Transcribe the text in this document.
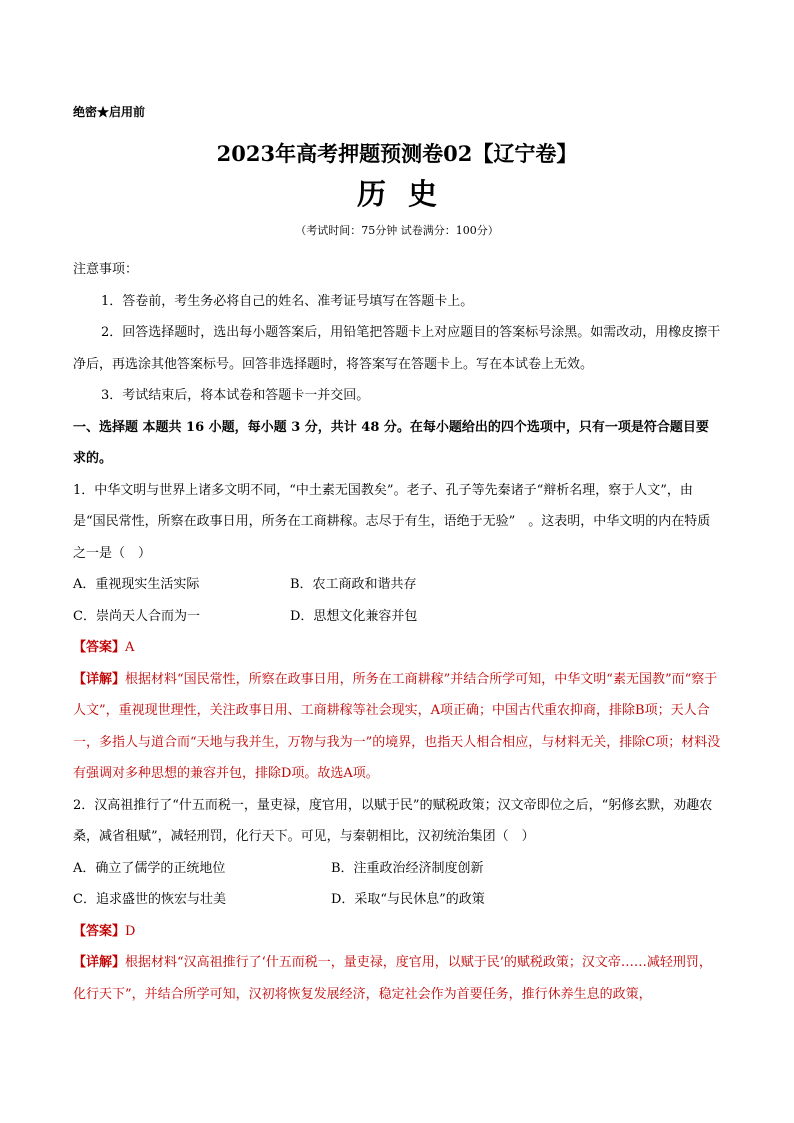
绝密★启用前
2023年高考押题预测卷02【辽宁卷】
历史
（考试时间：75分钟 试卷满分：100分）

注意事项：

1．答卷前，考生务必将自己的姓名、准考证号填写在答题卡上。

2．回答选择题时，选出每小题答案后，用铅笔把答题卡上对应题目的答案标号涂黑。如需改动，用橡皮擦干净后，再选涂其他答案标号。回答非选择题时，将答案写在答题卡上。写在本试卷上无效。

3．考试结束后，将本试卷和答题卡一并交回。

一、选择题 本题共 16 小题，每小题 3 分，共计 48 分。在每小题给出的四个选项中，只有一项是符合题目要求的。

1．中华文明与世界上诸多文明不同，“中土素无国教矣”。老子、孔子等先秦诸子“辩析名理，察于人文”，由是“国民常性，所察在政事日用，所务在工商耕稼。志尽于有生，语绝于无验”　。这表明，中华文明的内在特质之一是（　）

A．重视现实生活实际	B．农工商政和谐共存
C．崇尚天人合而为一	D．思想文化兼容并包

【答案】A

【详解】根据材料“国民常性，所察在政事日用，所务在工商耕稼”并结合所学可知，中华文明“素无国教”而“察于人文”，重视现世理性，关注政事日用、工商耕稼等社会现实，A项正确；中国古代重农抑商，排除B项；天人合一，多指人与道合而“天地与我并生，万物与我为一”的境界，也指天人相合相应，与材料无关，排除C项；材料没有强调对多种思想的兼容并包，排除D项。故选A项。

2．汉高祖推行了“什五而税一，量吏禄，度官用，以赋于民”的赋税政策；汉文帝即位之后，“躬修玄默，劝趣农桑，减省租赋”，减轻刑罚，化行天下。可见，与秦朝相比，汉初统治集团（　）

A．确立了儒学的正统地位	B．注重政治经济制度创新
C．追求盛世的恢宏与壮美	D．采取“与民休息”的政策

【答案】D

【详解】根据材料“汉高祖推行了‘什五而税一，量吏禄，度官用，以赋于民’的赋税政策；汉文帝……减轻刑罚，化行天下”，并结合所学可知，汉初将恢复发展经济，稳定社会作为首要任务，推行休养生息的政策，
